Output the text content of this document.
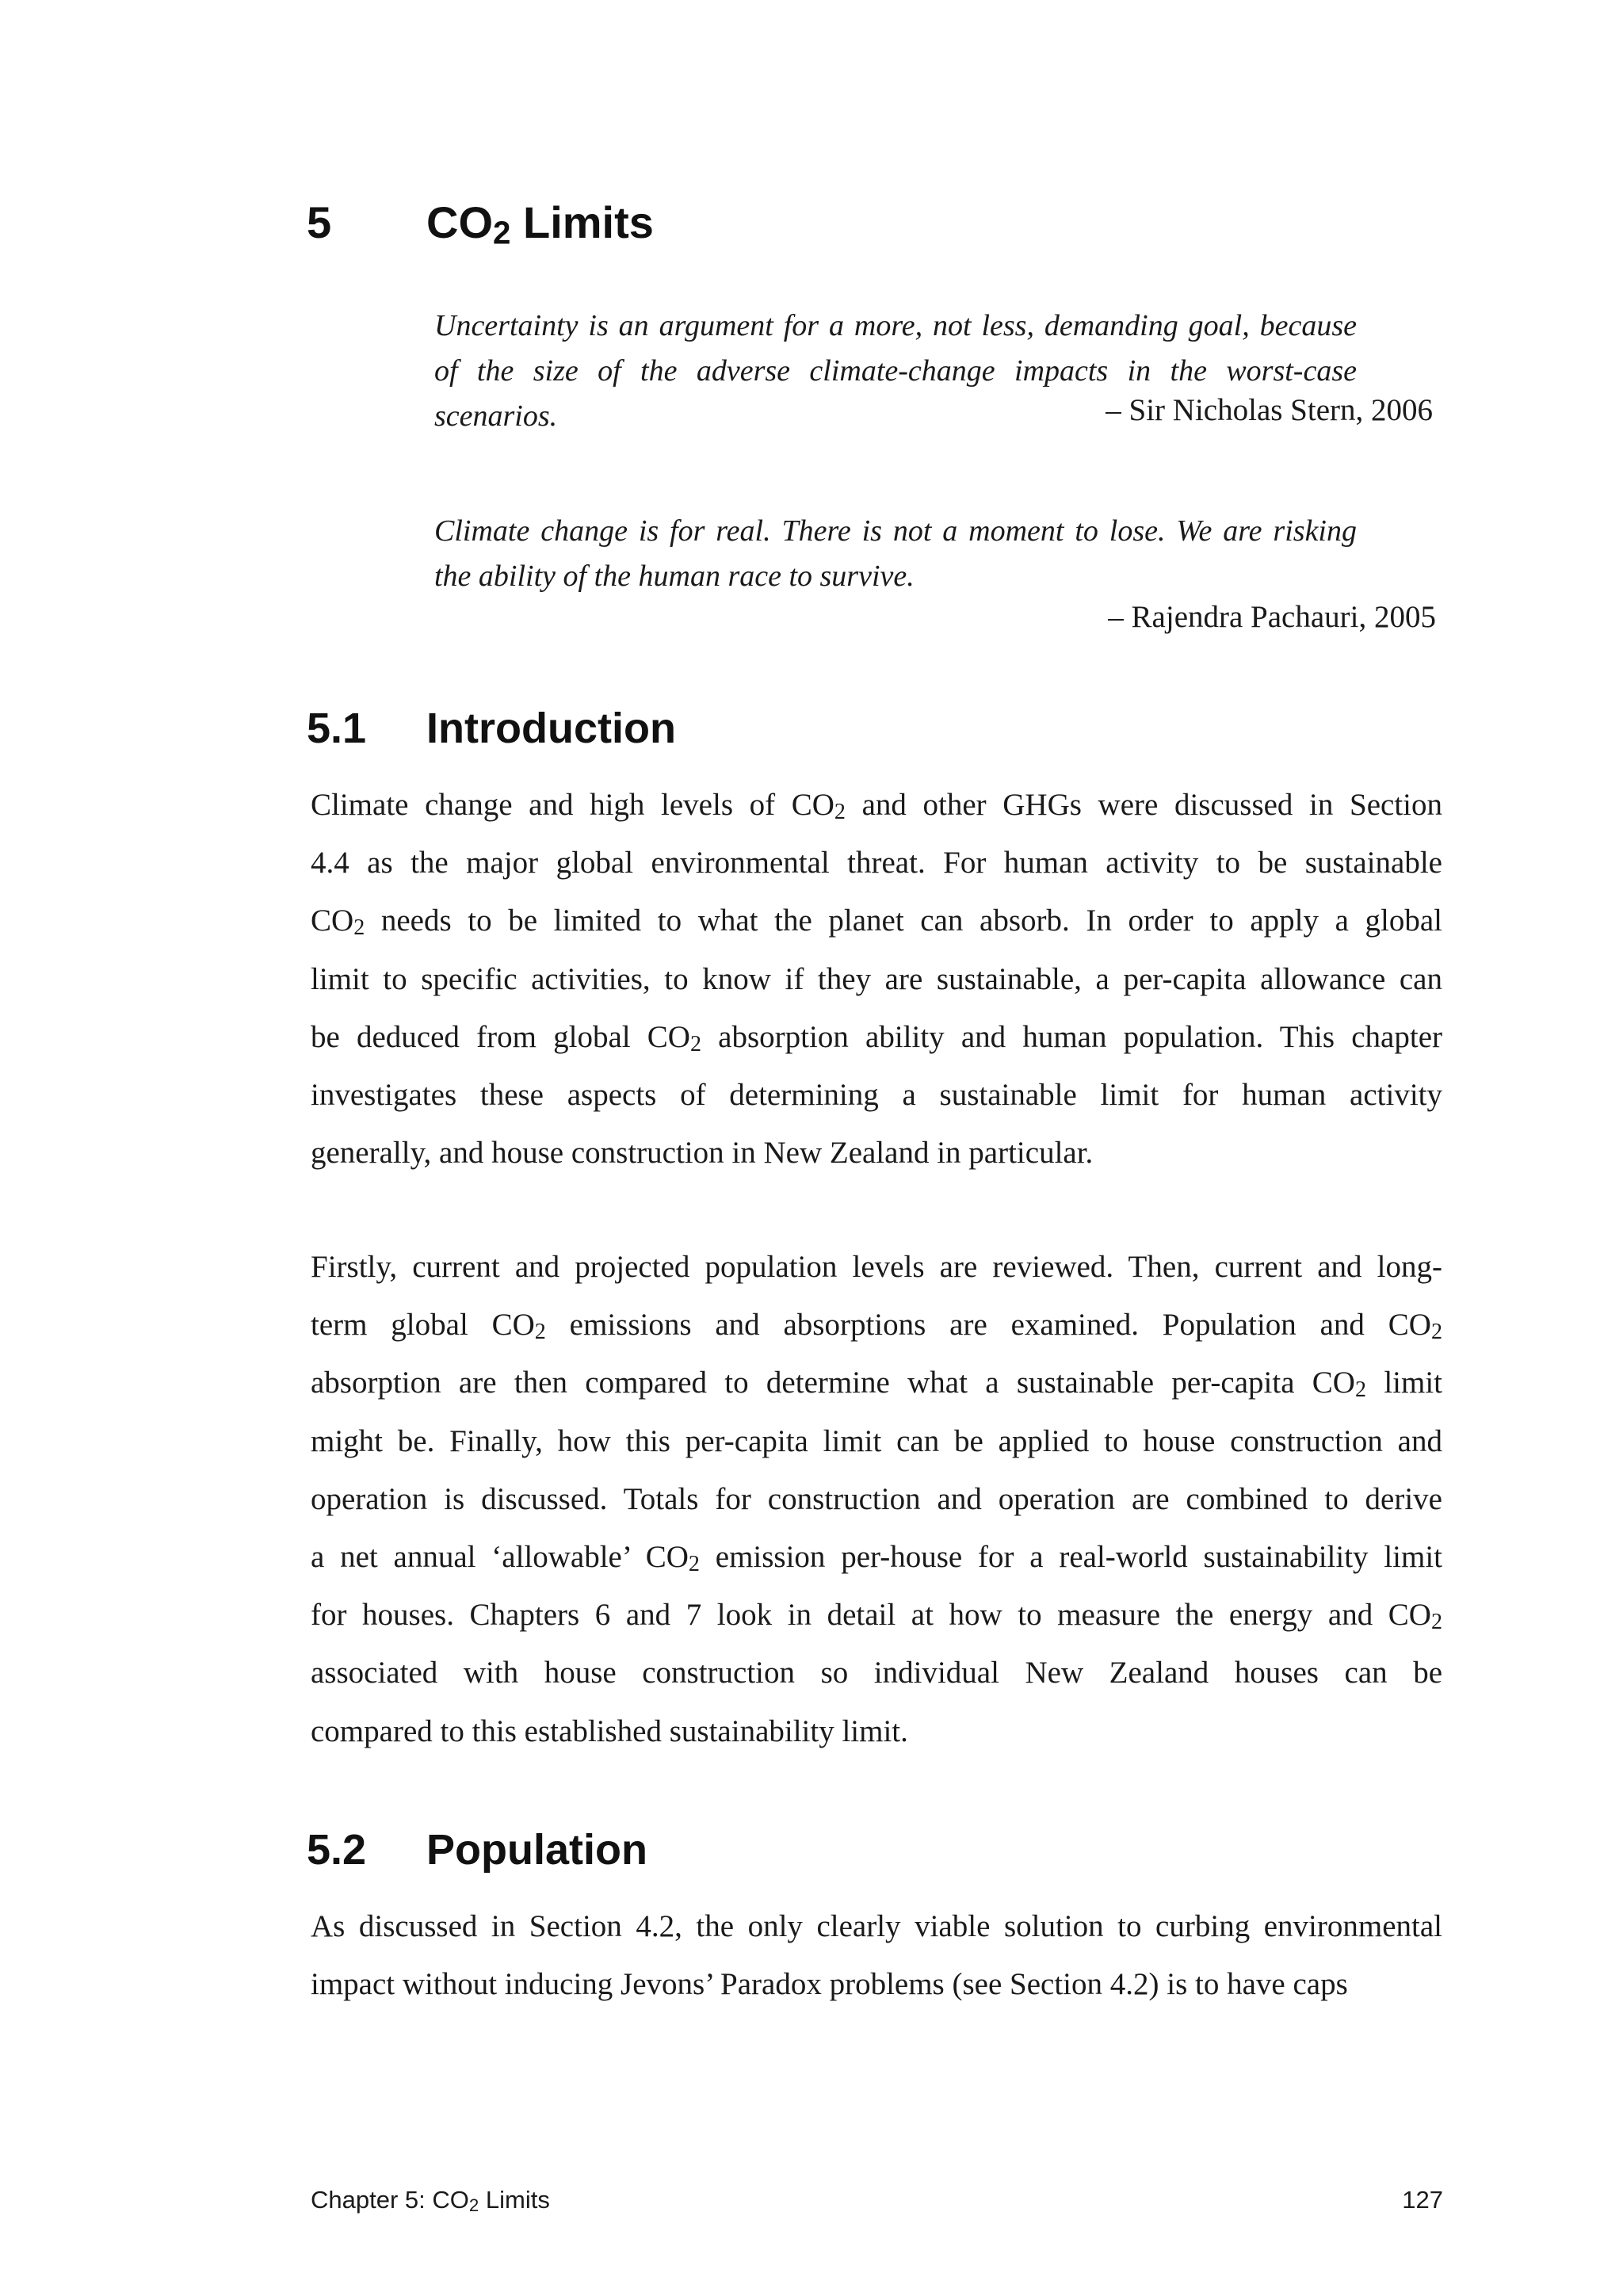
5 $CO_2$ Limits
Uncertainty is an argument for a more, not less, demanding goal, because
of the size of the adverse climate-change impacts in the worst-case scenarios.	– Sir Nicholas Stern, 2006
Climate change is for real. There is not a moment to lose. We are risking
the ability of the human race to survive.
– Rajendra Pachauri, 2005
5.1 Introduction
Climate change and high levels of $CO_2$ and other GHGs were discussed in Section
4.4 as the major global environmental threat. For human activity to be sustainable
$CO_2$ needs to be limited to what the planet can absorb. In order to apply a global
limit to specific activities, to know if they are sustainable, a per-capita allowance can
be deduced from global $CO_2$ absorption ability and human population. This chapter
investigates these aspects of determining a sustainable limit for human activity
generally, and house construction in New Zealand in particular.
Firstly, current and projected population levels are reviewed. Then, current and long-
term global $CO_2$ emissions and absorptions are examined. Population and $CO_2$
absorption are then compared to determine what a sustainable per-capita $CO_2$ limit
might be. Finally, how this per-capita limit can be applied to house construction and
operation is discussed. Totals for construction and operation are combined to derive
a net annual ‘allowable’ $CO_2$ emission per-house for a real-world sustainability limit
for houses. Chapters 6 and 7 look in detail at how to measure the energy and $CO_2$
associated with house construction so individual New Zealand houses can be
compared to this established sustainability limit.
5.2 Population
As discussed in Section 4.2, the only clearly viable solution to curbing environmental
impact without inducing Jevons’ Paradox problems (see Section 4.2) is to have caps
Chapter 5: $CO_2$ Limits	127
